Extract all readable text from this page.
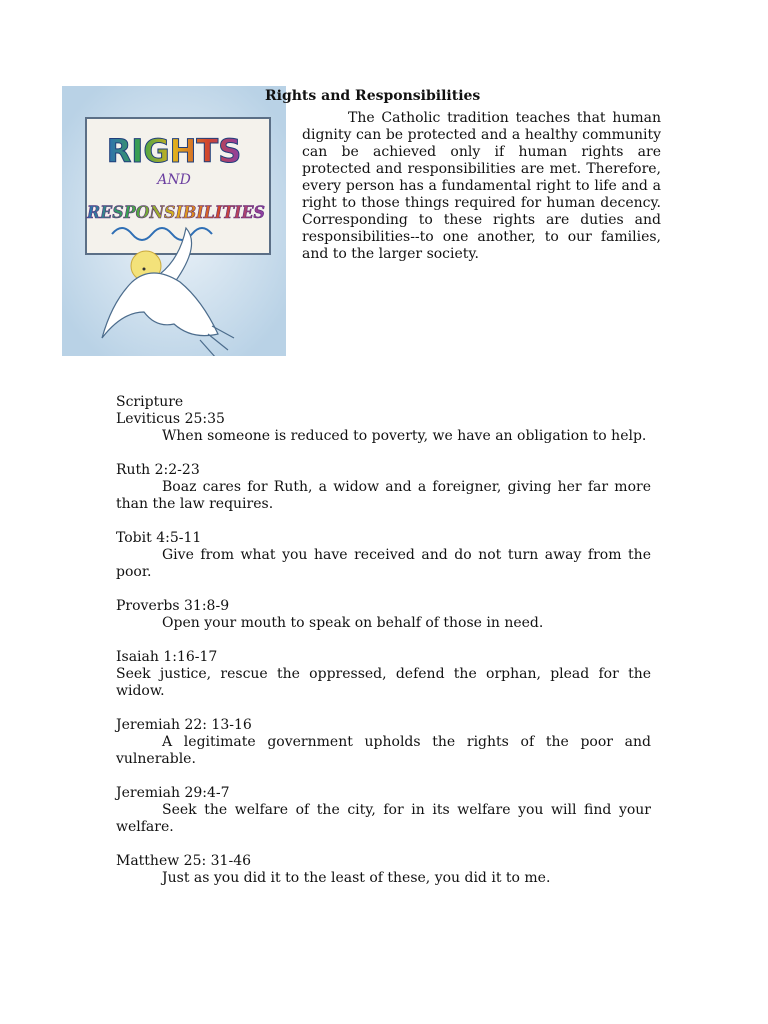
RIGHTS
AND
RESPONSIBILITIES
Rights and Responsibilities

The Catholic tradition teaches that human dignity can be protected and a healthy community can be achieved only if human rights are protected and responsibilities are met. Therefore, every person has a fundamental right to life and a right to those things required for human decency. Corresponding to these rights are duties and responsibilities--to one another, to our families, and to the larger society.

Scripture

Leviticus 25:35

When someone is reduced to poverty, we have an obligation to help.

Ruth 2:2-23

Boaz cares for Ruth, a widow and a foreigner, giving her far more than the law requires.

Tobit 4:5-11

Give from what you have received and do not turn away from the poor.

Proverbs 31:8-9

Open your mouth to speak on behalf of those in need.

Isaiah 1:16-17

Seek justice, rescue the oppressed, defend the orphan, plead for the widow.

Jeremiah 22: 13-16

A legitimate government upholds the rights of the poor and vulnerable.

Jeremiah 29:4-7

Seek the welfare of the city, for in its welfare you will find your welfare.

Matthew 25: 31-46

Just as you did it to the least of these, you did it to me.
